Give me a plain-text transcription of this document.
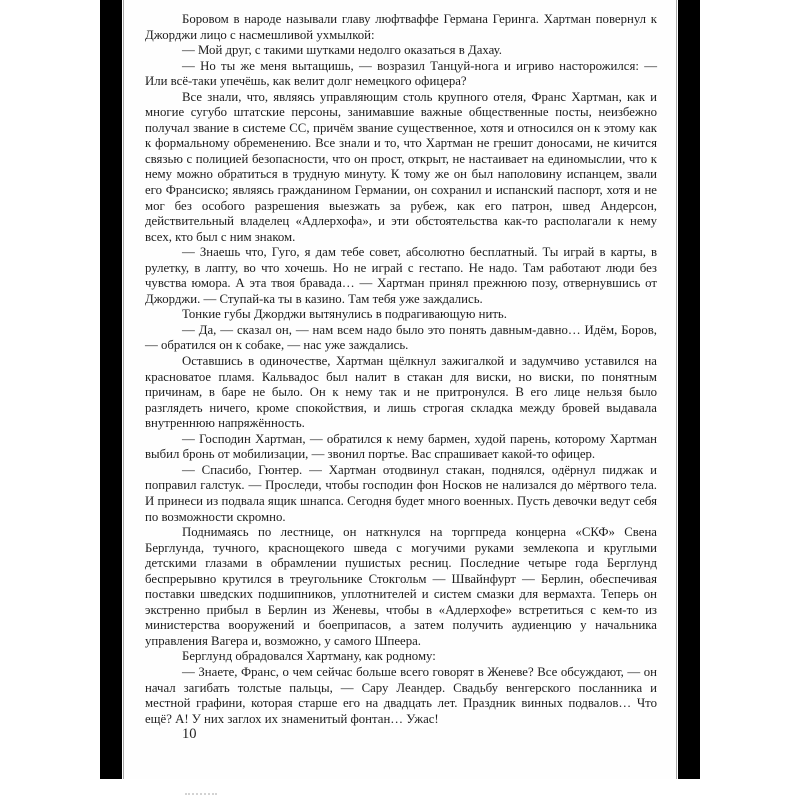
Боровом в народе называли главу люфтваффе Германа Геринга. Хартман повернул к Джорджи лицо с насмешливой ухмылкой:

— Мой друг, с такими шутками недолго оказаться в Дахау.

— Но ты же меня вытащишь, — возразил Танцуй-нога и игриво насторожился: — Или всё-таки упечёшь, как велит долг немецкого офицера?

Все знали, что, являясь управляющим столь крупного отеля, Франс Хартман, как и многие сугубо штатские персоны, занимавшие важные общественные посты, неизбежно получал звание в системе СС, причём звание существенное, хотя и относился он к этому как к формальному обременению. Все знали и то, что Хартман не грешит доносами, не кичится связью с полицией безопасности, что он прост, открыт, не настаивает на единомыслии, что к нему можно обратиться в трудную минуту. К тому же он был наполовину испанцем, звали его Франсиско; являясь гражданином Германии, он сохранил и испанский паспорт, хотя и не мог без особого разрешения выезжать за рубеж, как его патрон, швед Андерсон, действительный владелец «Адлерхофа», и эти обстоятельства как-то располагали к нему всех, кто был с ним знаком.

— Знаешь что, Гуго, я дам тебе совет, абсолютно бесплатный. Ты играй в карты, в рулетку, в лапту, во что хочешь. Но не играй с гестапо. Не надо. Там работают люди без чувства юмора. А эта твоя бравада… — Хартман принял прежнюю позу, отвернувшись от Джорджи. — Ступай-ка ты в казино. Там тебя уже заждались.

Тонкие губы Джорджи вытянулись в подрагивающую нить.

— Да, — сказал он, — нам всем надо было это понять давным-давно… Идём, Боров, — обратился он к собаке, — нас уже заждались.

Оставшись в одиночестве, Хартман щёлкнул зажигалкой и задумчиво уставился на красноватое пламя. Кальвадос был налит в стакан для виски, но виски, по понятным причинам, в баре не было. Он к нему так и не притронулся. В его лице нельзя было разглядеть ничего, кроме спокойствия, и лишь строгая складка между бровей выдавала внутреннюю напряжённость.

— Господин Хартман, — обратился к нему бармен, худой парень, которому Хартман выбил бронь от мобилизации, — звонил портье. Вас спрашивает какой-то офицер.

— Спасибо, Гюнтер. — Хартман отодвинул стакан, поднялся, одёрнул пиджак и поправил галстук. — Проследи, чтобы господин фон Носков не нализался до мёртвого тела. И принеси из подвала ящик шнапса. Сегодня будет много военных. Пусть девочки ведут себя по возможности скромно.

Поднимаясь по лестнице, он наткнулся на торгпреда концерна «СКФ» Свена Берглунда, тучного, краснощекого шведа с могучими руками землекопа и круглыми детскими глазами в обрамлении пушистых ресниц. Последние четыре года Берглунд беспрерывно крутился в треугольнике Стокгольм — Швайнфурт — Берлин, обеспечивая поставки шведских подшипников, уплотнителей и систем смазки для вермахта. Теперь он экстренно прибыл в Берлин из Женевы, чтобы в «Адлерхофе» встретиться с кем-то из министерства вооружений и боеприпасов, а затем получить аудиенцию у начальника управления Вагера и, возможно, у самого Шпеера.

Берглунд обрадовался Хартману, как родному:

— Знаете, Франс, о чем сейчас больше всего говорят в Женеве? Все обсуждают, — он начал загибать толстые пальцы, — Сару Леандер. Свадьбу венгерского посланника и местной графини, которая старше его на двадцать лет. Праздник винных подвалов… Что ещё? А! У них заглох их знаменитый фонтан… Ужас!

10
